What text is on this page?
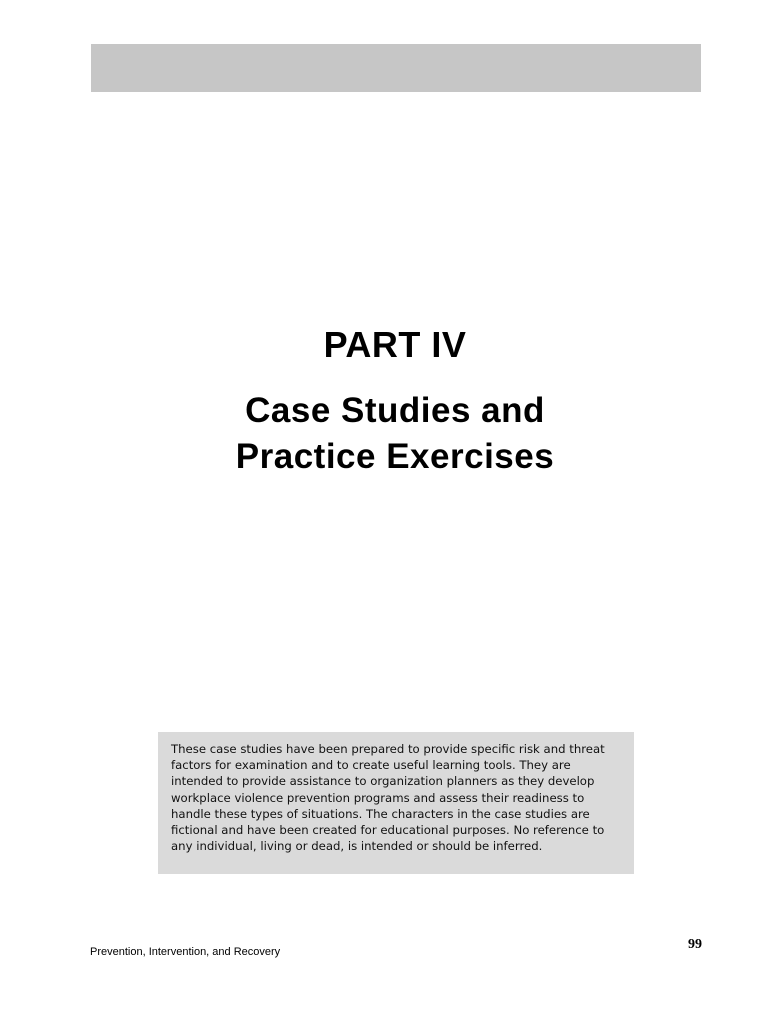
PART IV
Case Studies and
Practice Exercises
These case studies have been prepared to provide specific risk and threat factors for examination and to create useful learning tools. They are intended to provide assistance to organization planners as they develop workplace violence prevention programs and assess their readiness to handle these types of situations. The characters in the case studies are fictional and have been created for educational purposes. No reference to any individual, living or dead, is intended or should be inferred.
Prevention, Intervention, and Recovery	99
